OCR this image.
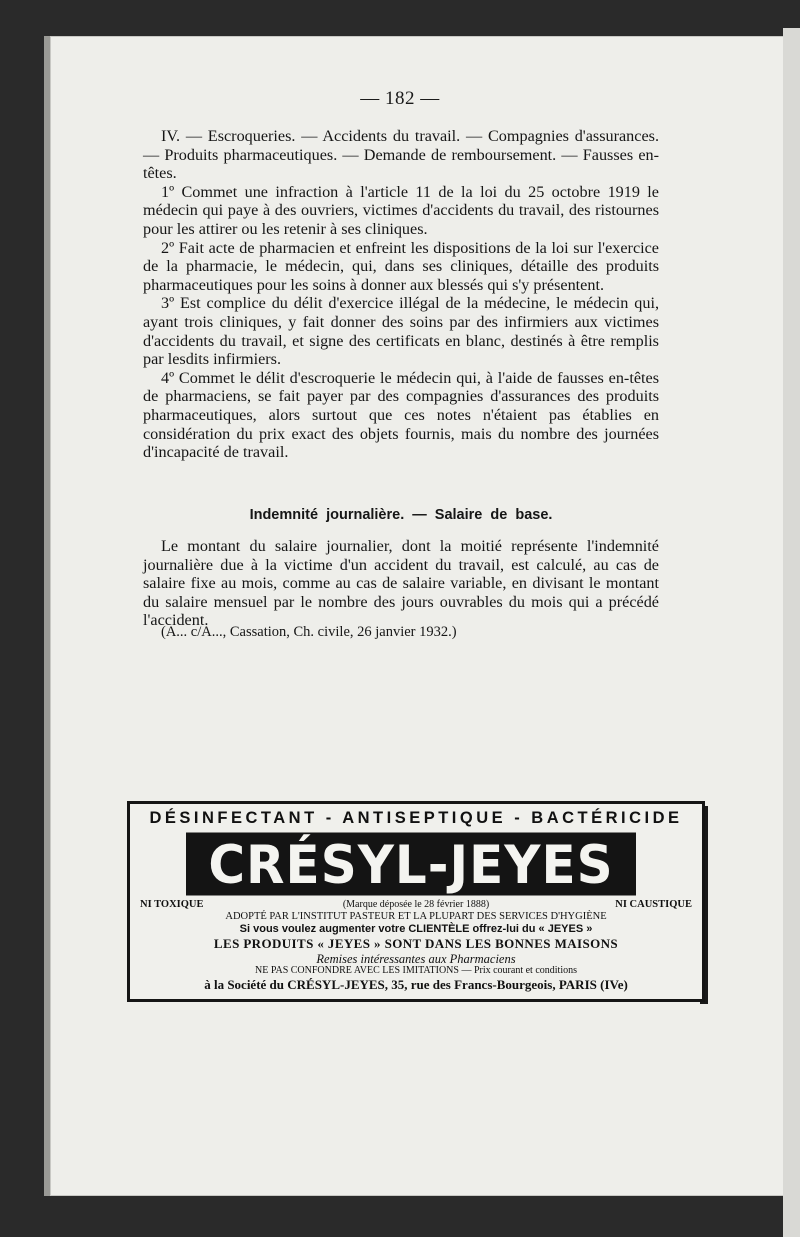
— 182 —

IV. — Escroqueries. — Accidents du travail. — Compagnies d'assurances. — Produits pharmaceutiques. — Demande de remboursement. — Fausses en-têtes.

1º Commet une infraction à l'article 11 de la loi du 25 octobre 1919 le médecin qui paye à des ouvriers, victimes d'accidents du travail, des ristournes pour les attirer ou les retenir à ses cliniques.

2º Fait acte de pharmacien et enfreint les dispositions de la loi sur l'exercice de la pharmacie, le médecin, qui, dans ses cliniques, détaille des produits pharmaceutiques pour les soins à donner aux blessés qui s'y présentent.

3º Est complice du délit d'exercice illégal de la médecine, le médecin qui, ayant trois cliniques, y fait donner des soins par des infirmiers aux victimes d'accidents du travail, et signe des certificats en blanc, destinés à être remplis par lesdits infirmiers.

4º Commet le délit d'escroquerie le médecin qui, à l'aide de fausses en-têtes de pharmaciens, se fait payer par des compagnies d'assurances des produits pharmaceutiques, alors surtout que ces notes n'étaient pas établies en considération du prix exact des objets fournis, mais du nombre des journées d'incapacité de travail.

Indemnité journalière. — Salaire de base.

Le montant du salaire journalier, dont la moitié représente l'indemnité journalière due à la victime d'un accident du travail, est calculé, au cas de salaire fixe au mois, comme au cas de salaire variable, en divisant le montant du salaire mensuel par le nombre des jours ouvrables du mois qui a précédé l'accident.

(A... c/A..., Cassation, Ch. civile, 26 janvier 1932.)
DÉSINFECTANT - ANTISEPTIQUE - BACTÉRICIDE
CRÉSYL-JEYES
NI TOXIQUE	(Marque déposée le 28 février 1888)	NI CAUSTIQUE
ADOPTÉ PAR L'INSTITUT PASTEUR ET LA PLUPART DES SERVICES D'HYGIÈNE
Si vous voulez augmenter votre CLIENTÈLE offrez-lui du « JEYES »
LES PRODUITS « JEYES » SONT DANS LES BONNES MAISONS
Remises intéressantes aux Pharmaciens
NE PAS CONFONDRE AVEC LES IMITATIONS — Prix courant et conditions
à la Société du CRÉSYL-JEYES, 35, rue des Francs-Bourgeois, PARIS (IVe)
